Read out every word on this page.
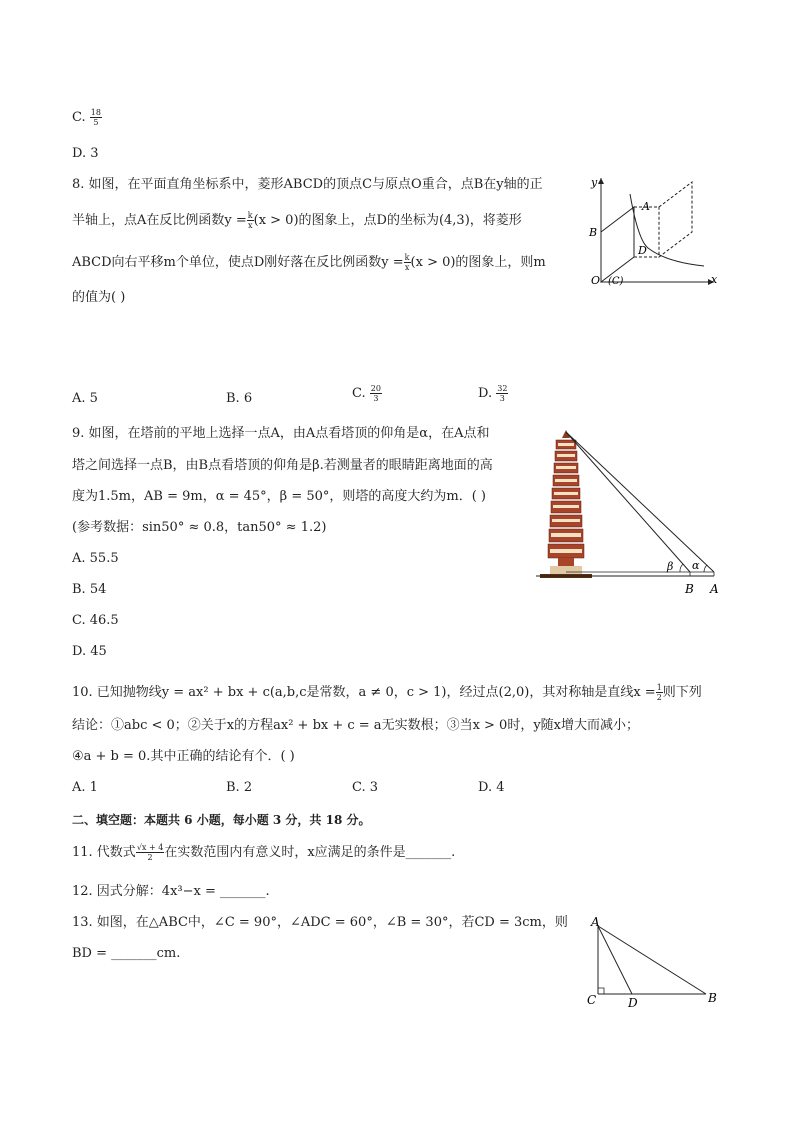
C. $\frac{18}{5}$
D. 3
8. 如图，在平面直角坐标系中，菱形ABCD的顶点C与原点O重合，点B在y轴的正
半轴上，点A在反比例函数$y = \frac{k}{x} (x > 0)$的图象上，点D的坐标为(4,3)，将菱形
ABCD向右平移m个单位，使点D刚好落在反比例函数$y = \frac{k}{x} (x > 0)$的图象上，则m
的值为( )
y
x
A
B
D
O (C)
A. 5	B. 6	C. $\frac{20}{3}$	D. $\frac{32}{3}$
9. 如图，在塔前的平地上选择一点A，由A点看塔顶的仰角是α，在A点和
塔之间选择一点B，由B点看塔顶的仰角是β.若测量者的眼睛距离地面的高
度为1.5m，AB = 9m，α = 45°，β = 50°，则塔的高度大约为m．( )
(参考数据：sin50° ≈ 0.8，tan50° ≈ 1.2)
A. 55.5
B. 54
C. 46.5
D. 45
α
β
B A
10. 已知抛物线y = ax² + bx + c(a,b,c是常数，a ≠ 0，c > 1)，经过点(2,0)，其对称轴是直线$x = \frac{1}{2}$ 则下列
结论：①abc < 0；②关于x的方程ax² + bx + c = a无实数根；③当x > 0时，y随x增大而减小；
④a + b = 0.其中正确的结论有个．( )
A. 1	B. 2	C. 3	D. 4
二、填空题：本题共 6 小题，每小题 3 分，共 18 分。
11. 代数式 $\frac{√x + 4}{2}$ 在实数范围内有意义时，x应满足的条件是_______.
12. 因式分解：4x³−x = _______.
13. 如图，在△ABC中，∠C = 90°，∠ADC = 60°，∠B = 30°，若CD = 3cm，则
BD = _______cm.
A
C	D	B
